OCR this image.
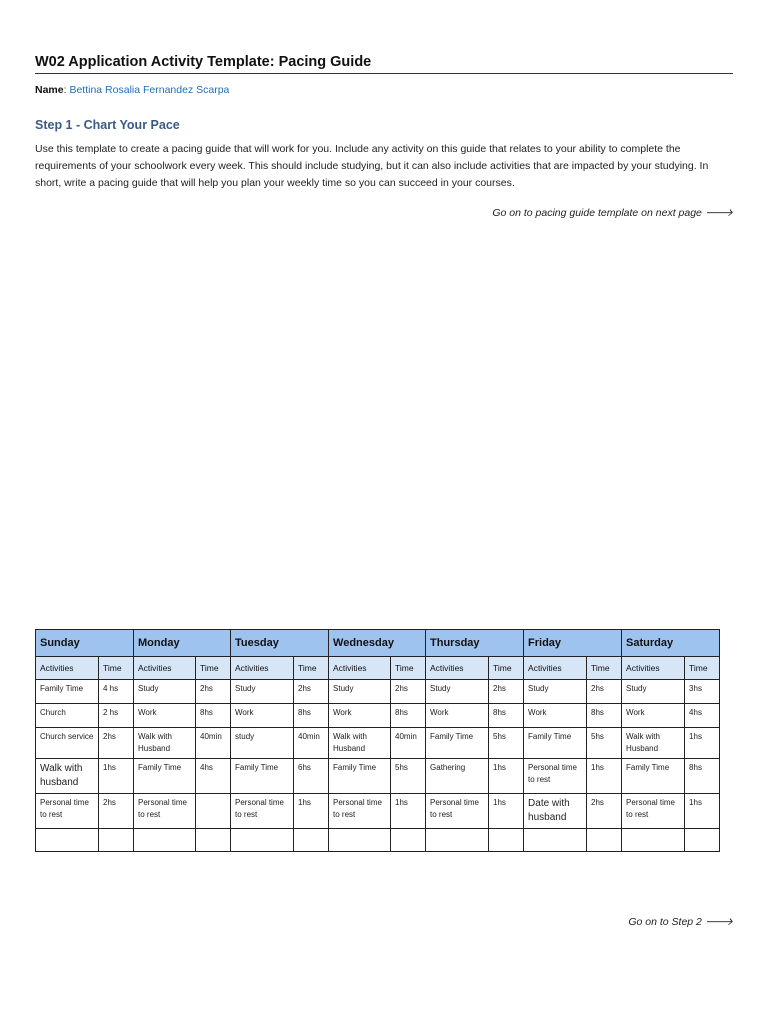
W02 Application Activity Template: Pacing Guide
Name: Bettina Rosalia Fernandez Scarpa
Step 1 - Chart Your Pace
Use this template to create a pacing guide that will work for you. Include any activity on this guide that relates to your ability to complete the requirements of your schoolwork every week. This should include studying, but it can also include activities that are impacted by your studying. In short, write a pacing guide that will help you plan your weekly time so you can succeed in your courses.
Go on to pacing guide template on next page 🡒
Sunday		Monday		Tuesday		Wednesday		Thursday		Friday		Saturday	
Activities	Time	Activities	Time	Activities	Time	Activities	Time	Activities	Time	Activities	Time	Activities	Time
Family Time	4 hs	Study	2hs	Study	2hs	Study	2hs	Study	2hs	Study	2hs	Study	3hs
Church	2 hs	Work	8hs	Work	8hs	Work	8hs	Work	8hs	Work	8hs	Work	4hs
Church service	2hs	Walk with Husband	40min	study	40min	Walk with Husband	40min	Family Time	5hs	Family Time	5hs	Walk with Husband	1hs
Walk with husband	1hs	Family Time	4hs	Family Time	6hs	Family Time	5hs	Gathering	1hs	Personal time to rest	1hs	Family Time	8hs
Personal time to rest	2hs	Personal time to rest		Personal time to rest	1hs	Personal time to rest	1hs	Personal time to rest	1hs	Date with husband	2hs	Personal time to rest	1hs

Go on to Step 2 🡒
